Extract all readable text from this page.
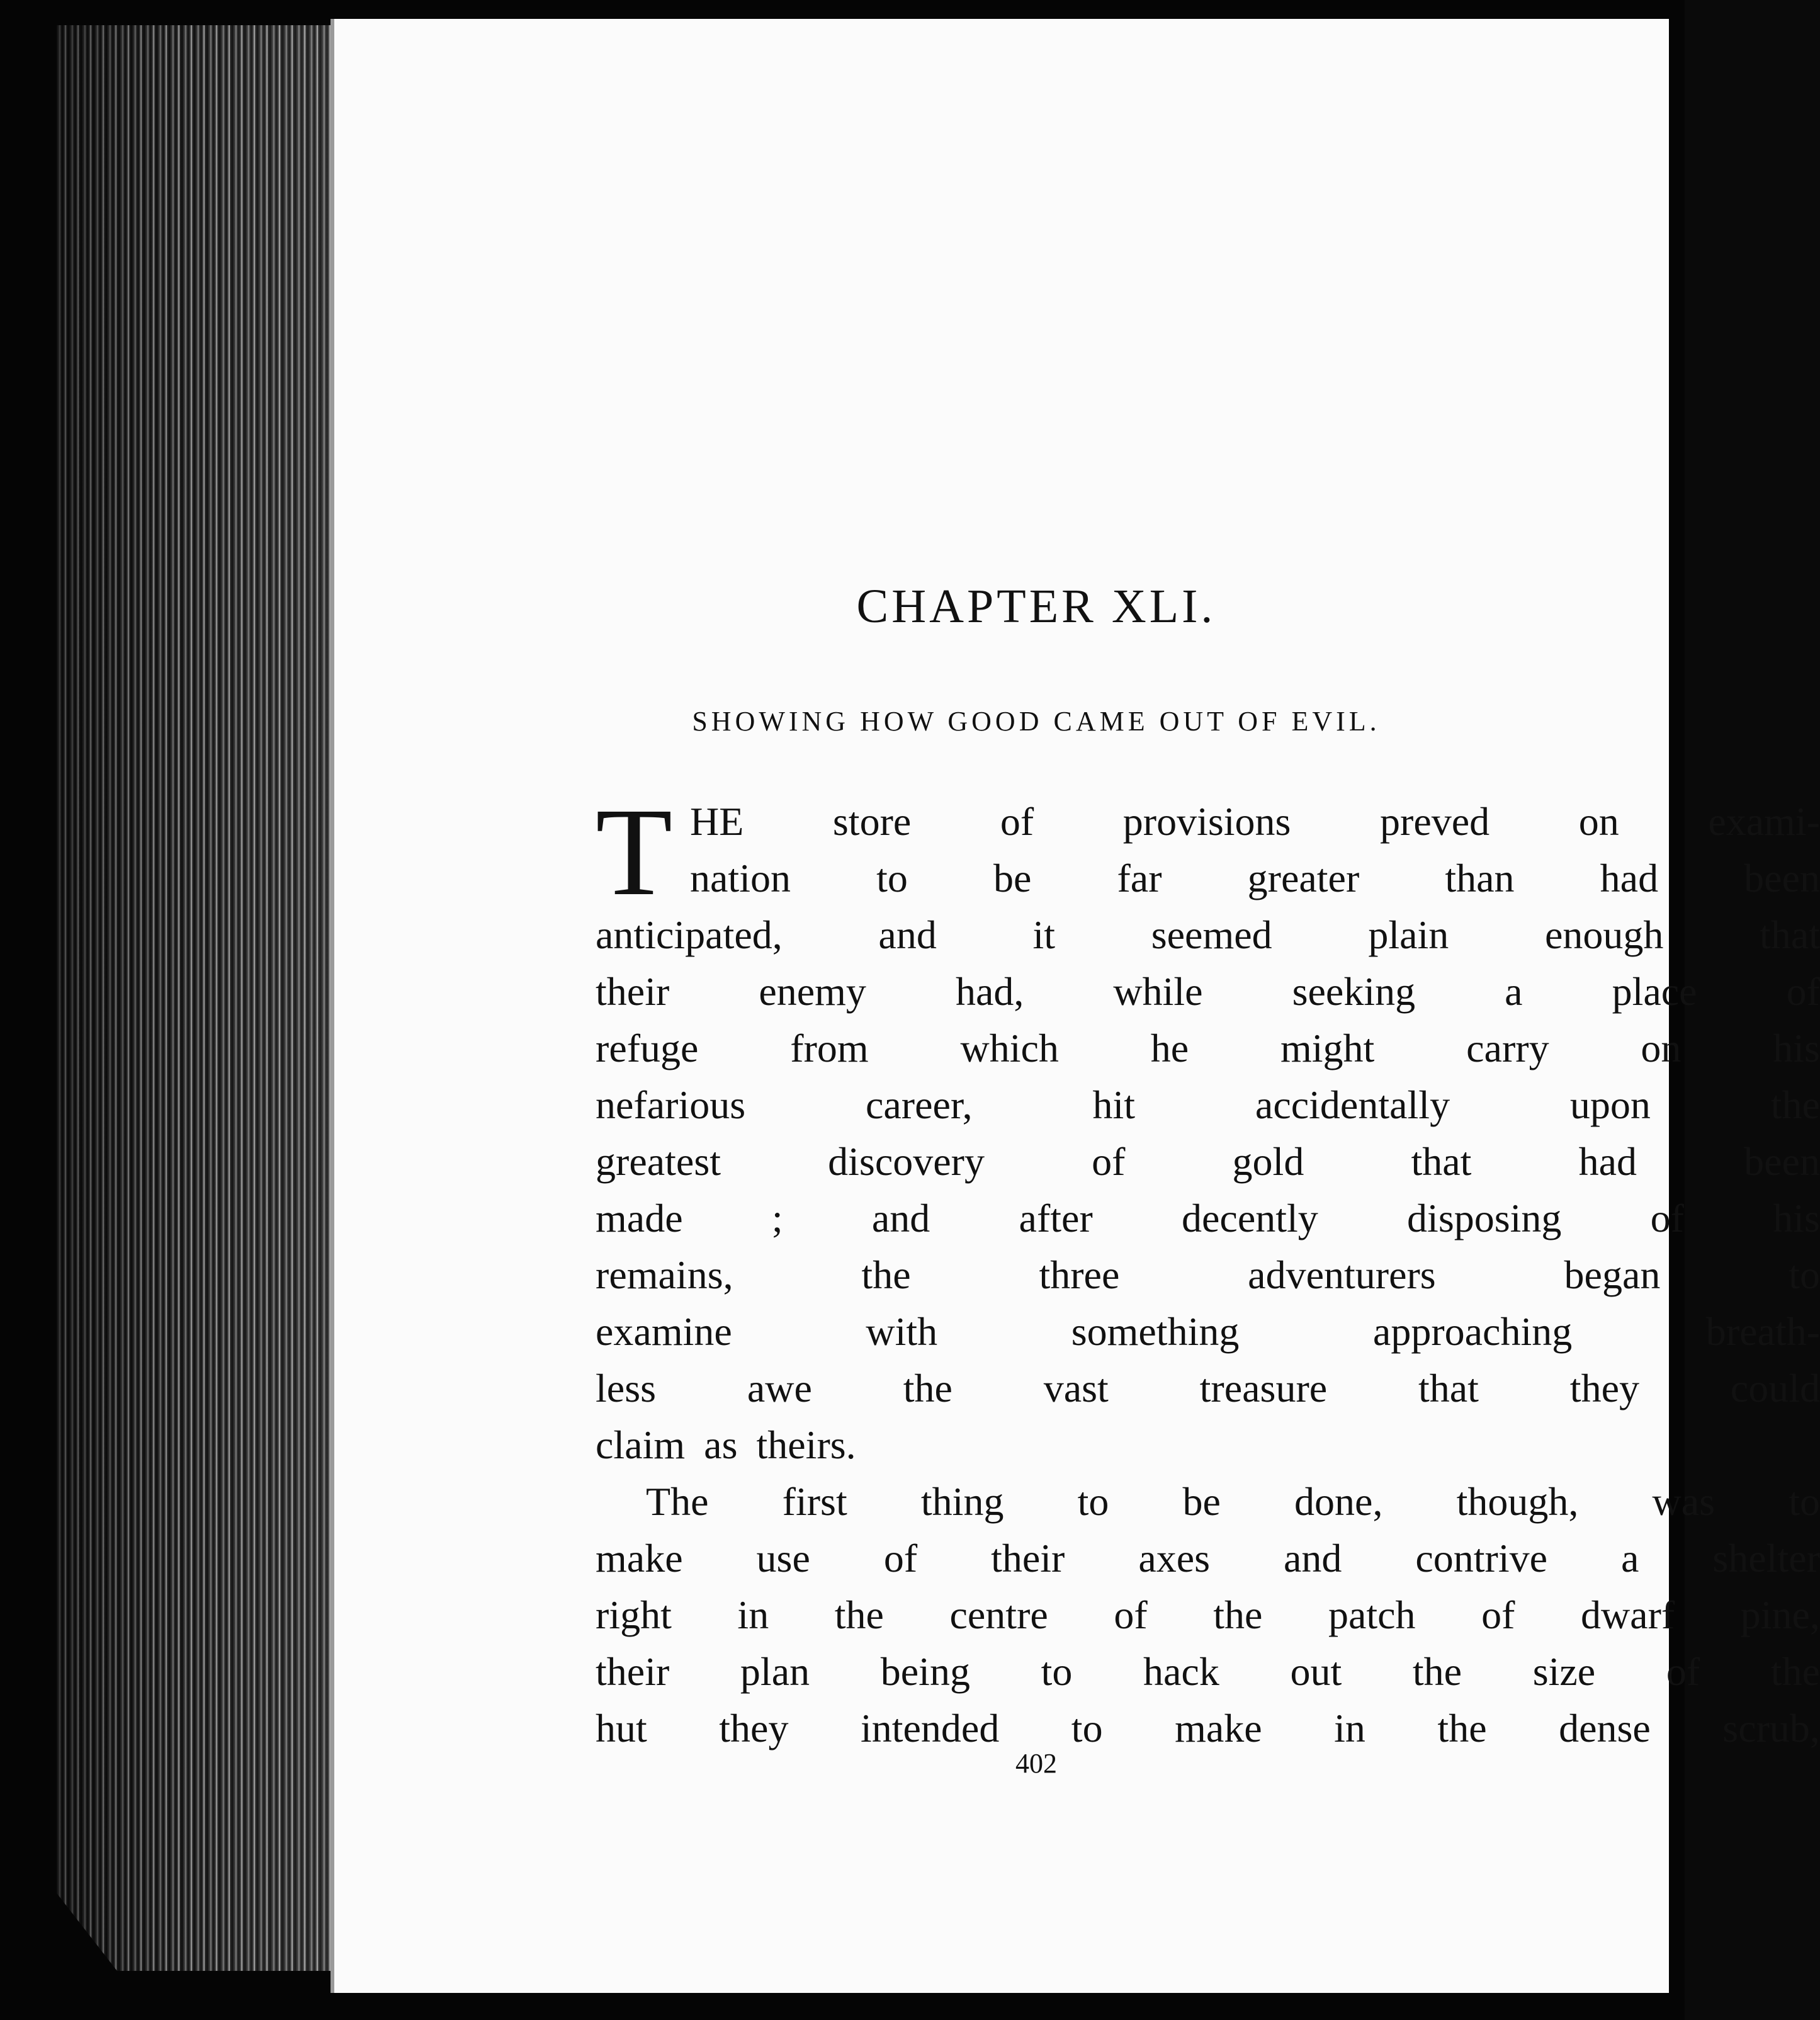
CHAPTER XLI.
SHOWING HOW GOOD CAME OUT OF EVIL.
T HE store of provisions preved on exami-
nation to be far greater than had been
anticipated, and it seemed plain enough that
their enemy had, while seeking a place of
refuge from which he might carry on his
nefarious	career,	hit	accidentally	upon	the
greatest	discovery	of	gold	that	had	been
made ; and after decently disposing of his
remains,	the	three	adventurers	began	to
examine	with	something	approaching	breath-
less awe the vast treasure that they could
claim as theirs.
The first thing to be done, though, was to
make use of their axes and contrive a shelter
right in the centre of the patch of dwarf pine,
their plan being to hack out the size of the
hut they intended to make in the dense scrub,
402
